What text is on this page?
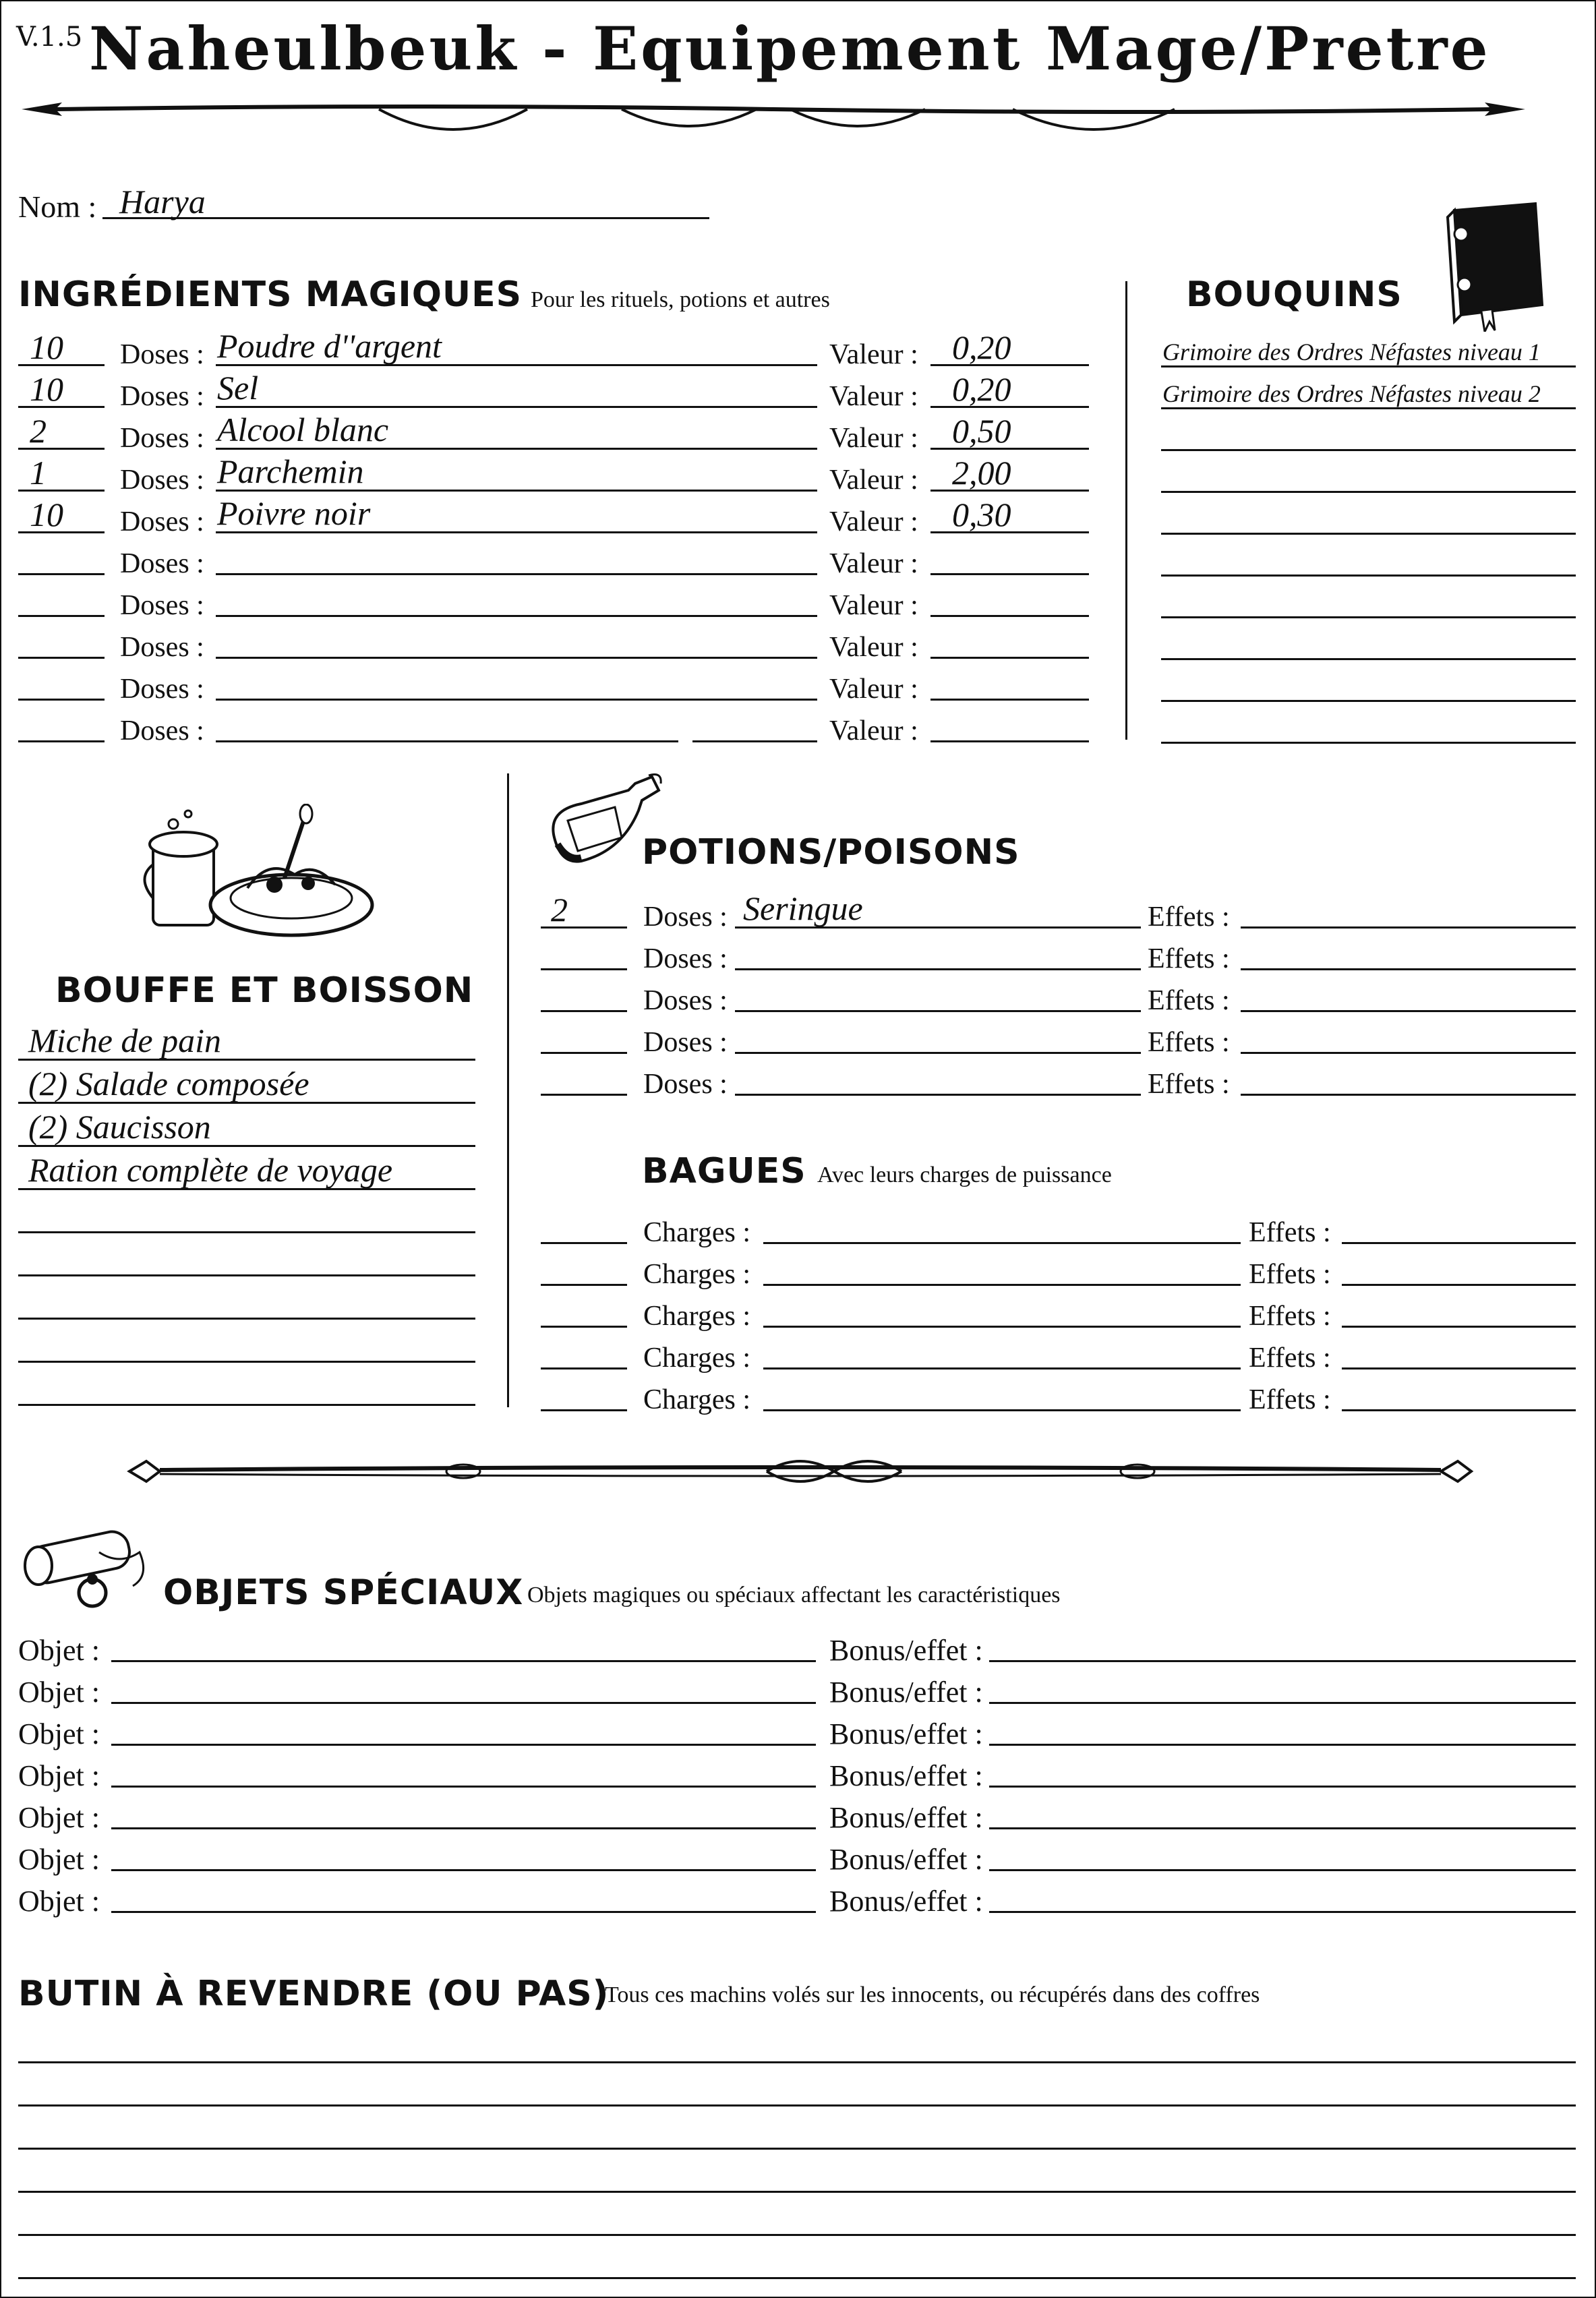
V.1.5 Naheulbeuk - Equipement Mage/Pretre
Nom : Harya
INGRÉDIENTS MAGIQUES Pour les rituels, potions et autres
10 Doses : Poudre d''argent	Valeur : 0,20
10 Doses : Sel	Valeur : 0,20
2	Doses : Alcool blanc	Valeur : 0,50
1	Doses : Parchemin	Valeur : 2,00
10 Doses : Poivre noir	Valeur : 0,30
Doses :	Valeur :
Doses :	Valeur :
Doses :	Valeur :
Doses :	Valeur :
Doses :	Valeur :
BOUQUINS
Grimoire des Ordres Néfastes niveau 1
Grimoire des Ordres Néfastes niveau 2
BOUFFE ET BOISSON
Miche de pain
(2) Salade composée
(2) Saucisson
Ration complète de voyage
POTIONS/POISONS
2	Doses : Seringue	Effets :
Doses :	Effets :
Doses :	Effets :
Doses :	Effets :
Doses :	Effets :
BAGUES Avec leurs charges de puissance
Charges :	Effets :
Charges :	Effets :
Charges :	Effets :
Charges :	Effets :
Charges :	Effets :
OBJETS SPÉCIAUX Objets magiques ou spéciaux affectant les caractéristiques
Objet :	Bonus/effet :
Objet :	Bonus/effet :
Objet :	Bonus/effet :
Objet :	Bonus/effet :
Objet :	Bonus/effet :
Objet :	Bonus/effet :
Objet :	Bonus/effet :
BUTIN À REVENDRE (OU PAS)
Tous ces machins volés sur les innocents, ou récupérés dans des coffres
